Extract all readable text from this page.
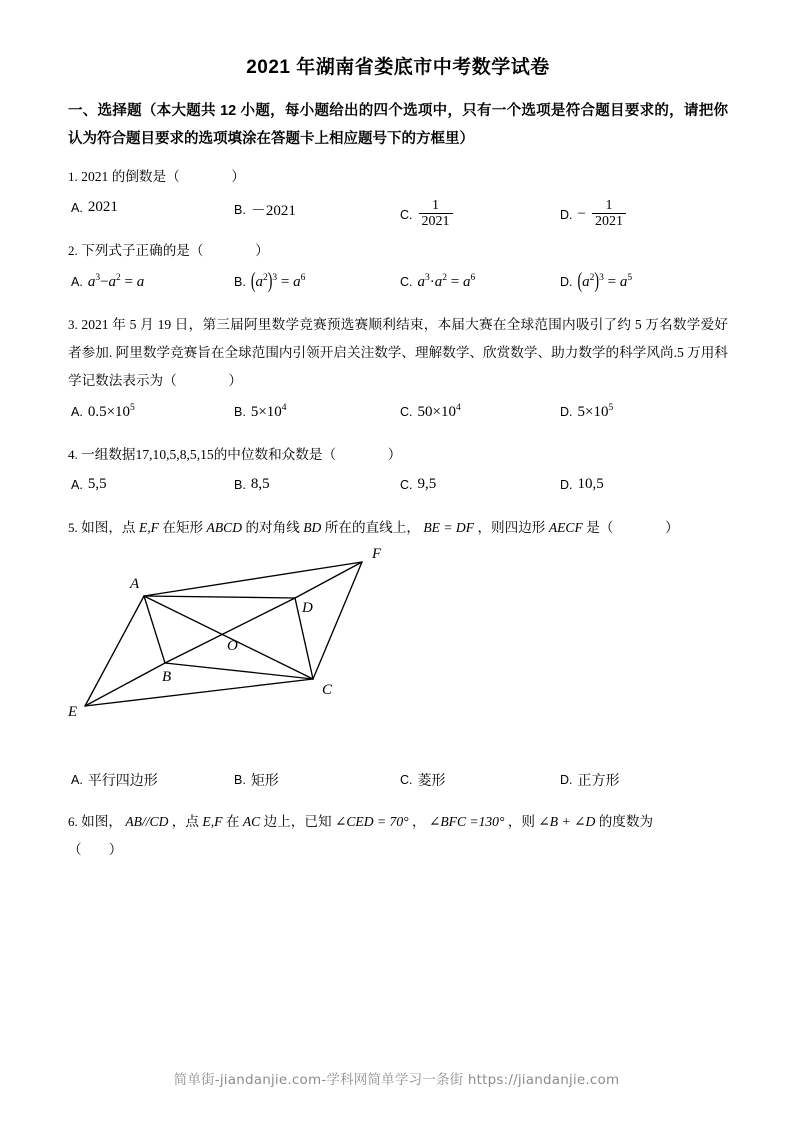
2021 年湖南省娄底市中考数学试卷
一、选择题（本大题共 12 小题，每小题给出的四个选项中，只有一个选项是符合题目要求的，请把你认为符合题目要求的选项填涂在答题卡上相应题号下的方框里）

1. 2021 的倒数是（	）

A. 2021	B. －2021	C. $\frac{1}{2021}$	D. − $\frac{1}{2021}$

2. 下列式子正确的是（	）

A. $a^3-a^2 = a$	B. $(a^2)^3 = a^6$	C. $a^3\cdot a^2 = a^6$	D. $(a^2)^3 = a^5$

3. 2021 年 5 月 19 日，第三届阿里数学竞赛预选赛顺利结束，本届大赛在全球范围内吸引了约 5 万名数学爱好者参加. 阿里数学竞赛旨在全球范围内引领开启关注数学、理解数学、欣赏数学、助力数学的科学风尚.5 万用科学记数法表示为（	）

A. $0.5\times 10^5$	B. $5\times 10^4$	C. $50\times 10^4$	D. $5\times 10^5$

4. 一组数据17,10,5,8,5,15的中位数和众数是（	）

A. 5,5	B. 8,5	C. 9,5	D. 10,5

5. 如图，点 E,F 在矩形 ABCD 的对角线 BD 所在的直线上， BE = DF ，则四边形 AECF 是（	）

A
B
C
D
E
F
O
A. 平行四边形	B. 矩形	C. 菱形	D. 正方形

6. 如图， AB//CD ，点 E,F 在 AC 边上，已知 ∠CED = 70° ， ∠BFC =130° ，则 ∠B + ∠D 的度数为
（　　）

简单街-jiandanjie.com-学科网简单学习一条街 https://jiandanjie.com
